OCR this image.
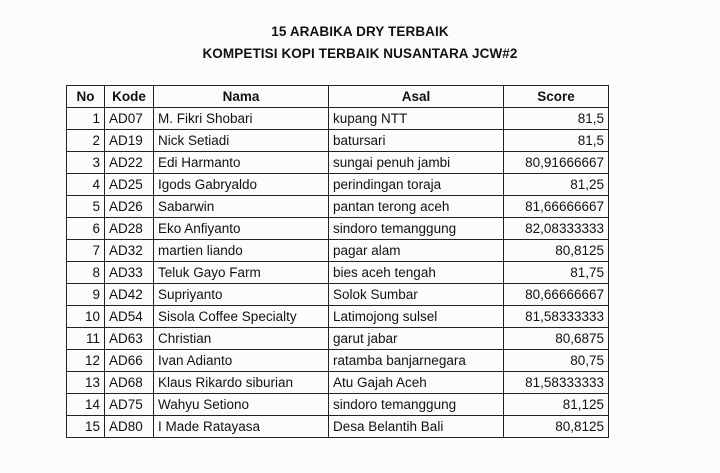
15 ARABIKA DRY TERBAIK
KOMPETISI KOPI TERBAIK NUSANTARA JCW#2
No	Kode	Nama	Asal	Score
1	AD07	M. Fikri Shobari	kupang NTT	81,5
2	AD19	Nick Setiadi	batursari	81,5
3	AD22	Edi Harmanto	sungai penuh jambi	80,91666667
4	AD25	Igods Gabryaldo	perindingan toraja	81,25
5	AD26	Sabarwin	pantan terong aceh	81,66666667
6	AD28	Eko Anfiyanto	sindoro temanggung	82,08333333
7	AD32	martien liando	pagar alam	80,8125
8	AD33	Teluk Gayo Farm	bies aceh tengah	81,75
9	AD42	Supriyanto	Solok Sumbar	80,66666667
10	AD54	Sisola Coffee Specialty	Latimojong sulsel	81,58333333
11	AD63	Christian	garut jabar	80,6875
12	AD66	Ivan Adianto	ratamba banjarnegara	80,75
13	AD68	Klaus Rikardo siburian	Atu Gajah Aceh	81,58333333
14	AD75	Wahyu Setiono	sindoro temanggung	81,125
15	AD80	I Made Ratayasa	Desa Belantih Bali	80,8125
